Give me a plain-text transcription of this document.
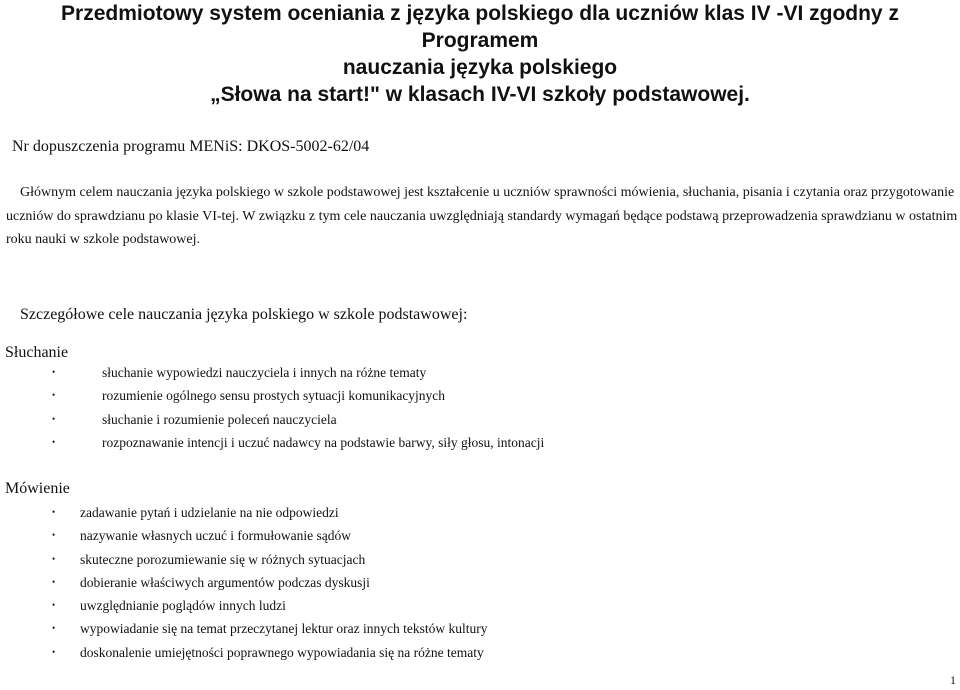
Przedmiotowy system oceniania z języka polskiego dla uczniów klas IV -VI zgodny z Programem
nauczania języka polskiego
„Słowa na start!" w klasach IV-VI szkoły podstawowej.

Nr dopuszczenia programu MENiS: DKOS-5002-62/04

Głównym celem nauczania języka polskiego w szkole podstawowej jest kształcenie u uczniów sprawności mówienia, słuchania, pisania i czytania oraz przygotowanie uczniów do sprawdzianu po klasie VI-tej. W związku z tym cele nauczania uwzględniają standardy wymagań będące podstawą przeprowadzenia sprawdzianu w ostatnim roku nauki w szkole podstawowej.

Szczegółowe cele nauczania języka polskiego w szkole podstawowej:

Słuchanie
•	słuchanie wypowiedzi nauczyciela i innych na różne tematy
•	rozumienie ogólnego sensu prostych sytuacji komunikacyjnych
•	słuchanie i rozumienie poleceń nauczyciela
•	rozpoznawanie intencji i uczuć nadawcy na podstawie barwy, siły głosu, intonacji
Mówienie
• zadawanie pytań i udzielanie na nie odpowiedzi
• nazywanie własnych uczuć i formułowanie sądów
• skuteczne porozumiewanie się w różnych sytuacjach
• dobieranie właściwych argumentów podczas dyskusji
• uwzględnianie poglądów innych ludzi
• wypowiadanie się na temat przeczytanej lektur oraz innych tekstów kultury
• doskonalenie umiejętności poprawnego wypowiadania się na różne tematy

1
